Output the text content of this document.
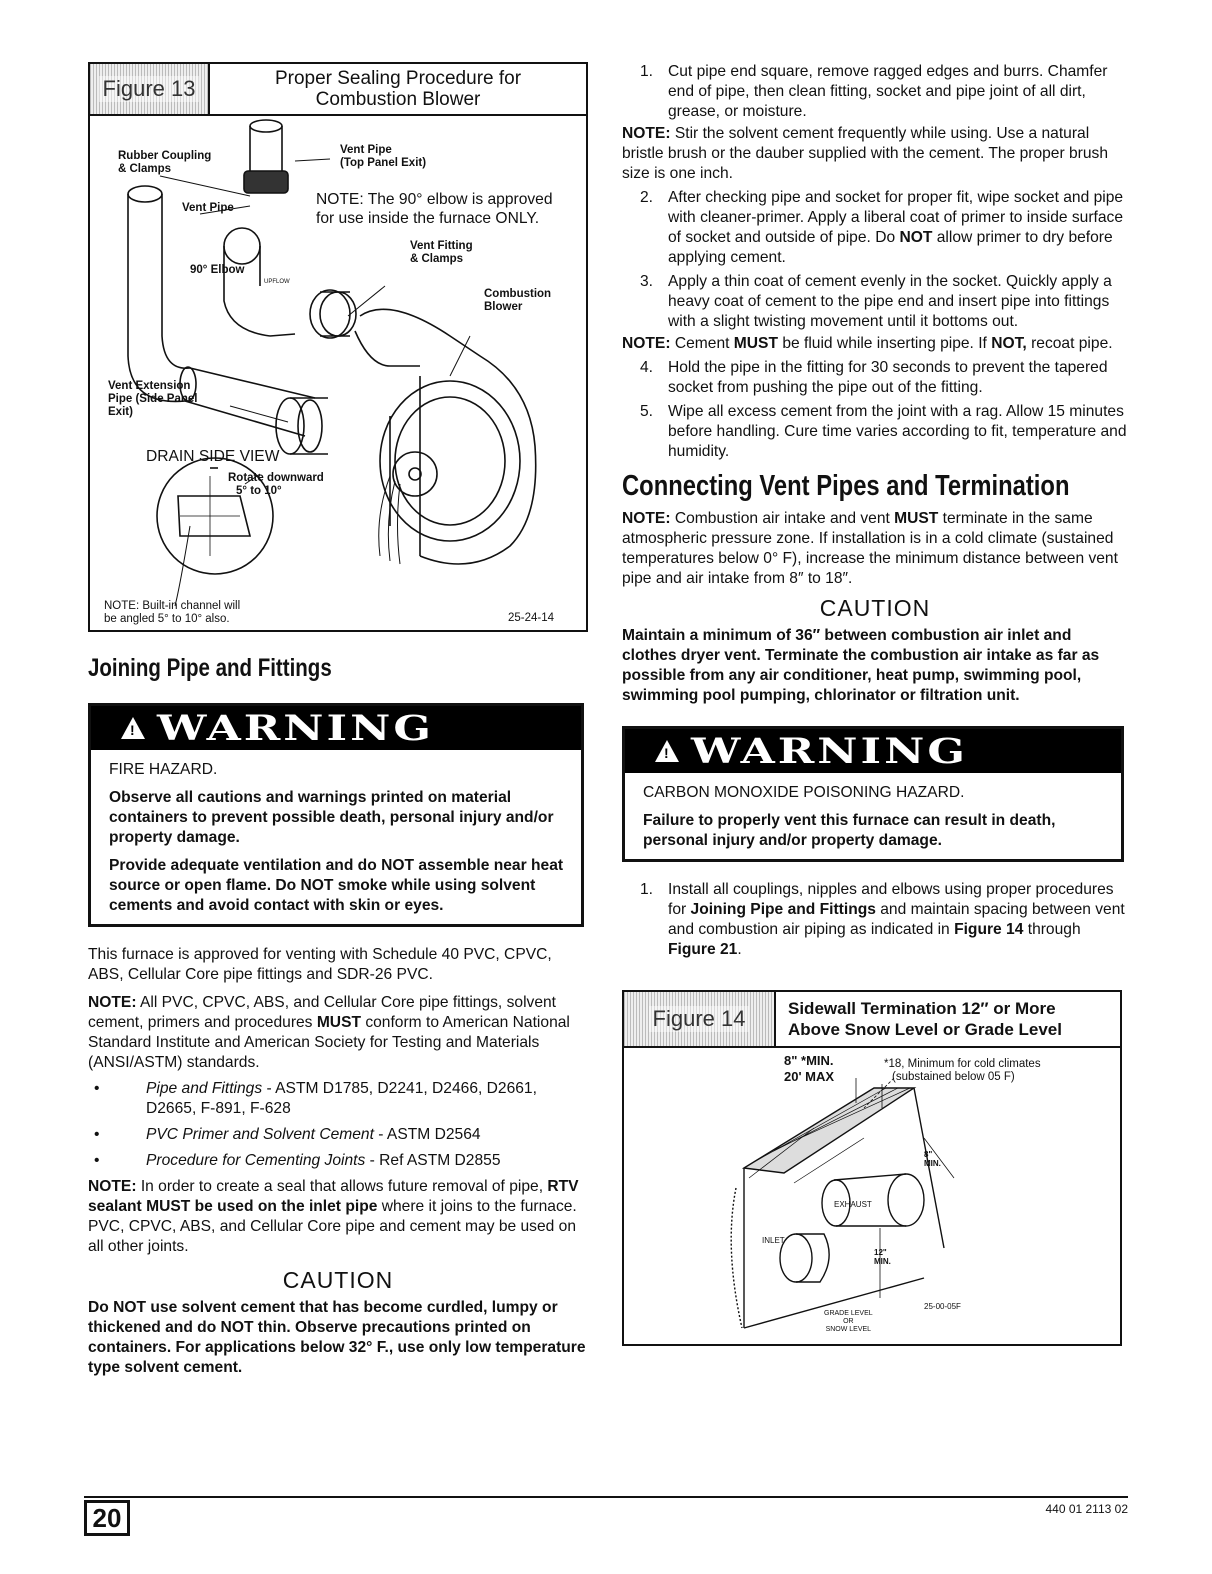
Figure 13	Proper Sealing Procedure for
Combustion Blower
Rubber Coupling
& Clamps
Vent Pipe
(Top Panel Exit)
Vent Pipe	NOTE: The 90° elbow is approved for use inside the furnace ONLY.
Vent Fitting
& Clamps
90° Elbow
UPFLOW
Combustion
Blower
Vent Extension
Pipe (Side Panel
Exit)
DRAIN SIDE VIEW
Rotate downward
5° to 10°
NOTE: Built-in channel will
be angled 5° to 10° also.	25-24-14
Joining Pipe and Fittings
!
WARNING

FIRE HAZARD.

Observe all cautions and warnings printed on material containers to prevent possible death, personal injury and/or property damage.

Provide adequate ventilation and do NOT assemble near heat source or open flame. Do NOT smoke while using solvent cements and avoid contact with skin or eyes.

This furnace is approved for venting with Schedule 40 PVC, CPVC, ABS, Cellular Core pipe fittings and SDR-26 PVC.

NOTE: All PVC, CPVC, ABS, and Cellular Core pipe fittings, solvent cement, primers and procedures MUST conform to American National Standard Institute and American Society for Testing and Materials (ANSI/ASTM) standards.

•	Pipe and Fittings - ASTM D1785, D2241, D2466, D2661, D2665, F-891, F-628
•	PVC Primer and Solvent Cement - ASTM D2564
•	Procedure for Cementing Joints - Ref ASTM D2855

NOTE: In order to create a seal that allows future removal of pipe, RTV sealant MUST be used on the inlet pipe where it joins to the furnace. PVC, CPVC, ABS, and Cellular Core pipe and cement may be used on all other joints.

CAUTION

Do NOT use solvent cement that has become curdled, lumpy or thickened and do NOT thin. Observe precautions printed on containers. For applications below 32° F., use only low temperature type solvent cement.

1. Cut pipe end square, remove ragged edges and burrs. Chamfer end of pipe, then clean fitting, socket and pipe joint of all dirt, grease, or moisture.

NOTE: Stir the solvent cement frequently while using. Use a natural bristle brush or the dauber supplied with the cement. The proper brush size is one inch.

2. After checking pipe and socket for proper fit, wipe socket and pipe with cleaner-primer. Apply a liberal coat of primer to inside surface of socket and outside of pipe. Do NOT allow primer to dry before applying cement.
3. Apply a thin coat of cement evenly in the socket. Quickly apply a heavy coat of cement to the pipe end and insert pipe into fittings with a slight twisting movement until it bottoms out.

NOTE: Cement MUST be fluid while inserting pipe. If NOT, recoat pipe.

4. Hold the pipe in the fitting for 30 seconds to prevent the tapered socket from pushing the pipe out of the fitting.
5. Wipe all excess cement from the joint with a rag. Allow 15 minutes before handling. Cure time varies according to fit, temperature and humidity.
Connecting Vent Pipes and Termination

NOTE: Combustion air intake and vent MUST terminate in the same atmospheric pressure zone. If installation is in a cold climate (sustained temperatures below 0° F), increase the minimum distance between vent pipe and air intake from 8″ to 18″.

CAUTION

Maintain a minimum of 36″ between combustion air inlet and clothes dryer vent. Terminate the combustion air intake as far as possible from any air conditioner, heat pump, swimming pool, swimming pool pumping, chlorinator or filtration unit.

!
WARNING

CARBON MONOXIDE POISONING HAZARD.

Failure to properly vent this furnace can result in death, personal injury and/or property damage.

1. Install all couplings, nipples and elbows using proper procedures for Joining Pipe and Fittings and maintain spacing between vent and combustion air piping as indicated in Figure 14 through Figure 21.
Figure 14	Sidewall Termination 12″ or More
Above Snow Level or Grade Level
8" *MIN.
20' MAX
*18, Minimum for cold climates
(substained below 05 F)
8"
MIN.
EXHAUST
INLET
12"
MIN.
GRADE LEVEL
OR
SNOW LEVEL
25-00-05F
20	440 01 2113 02
